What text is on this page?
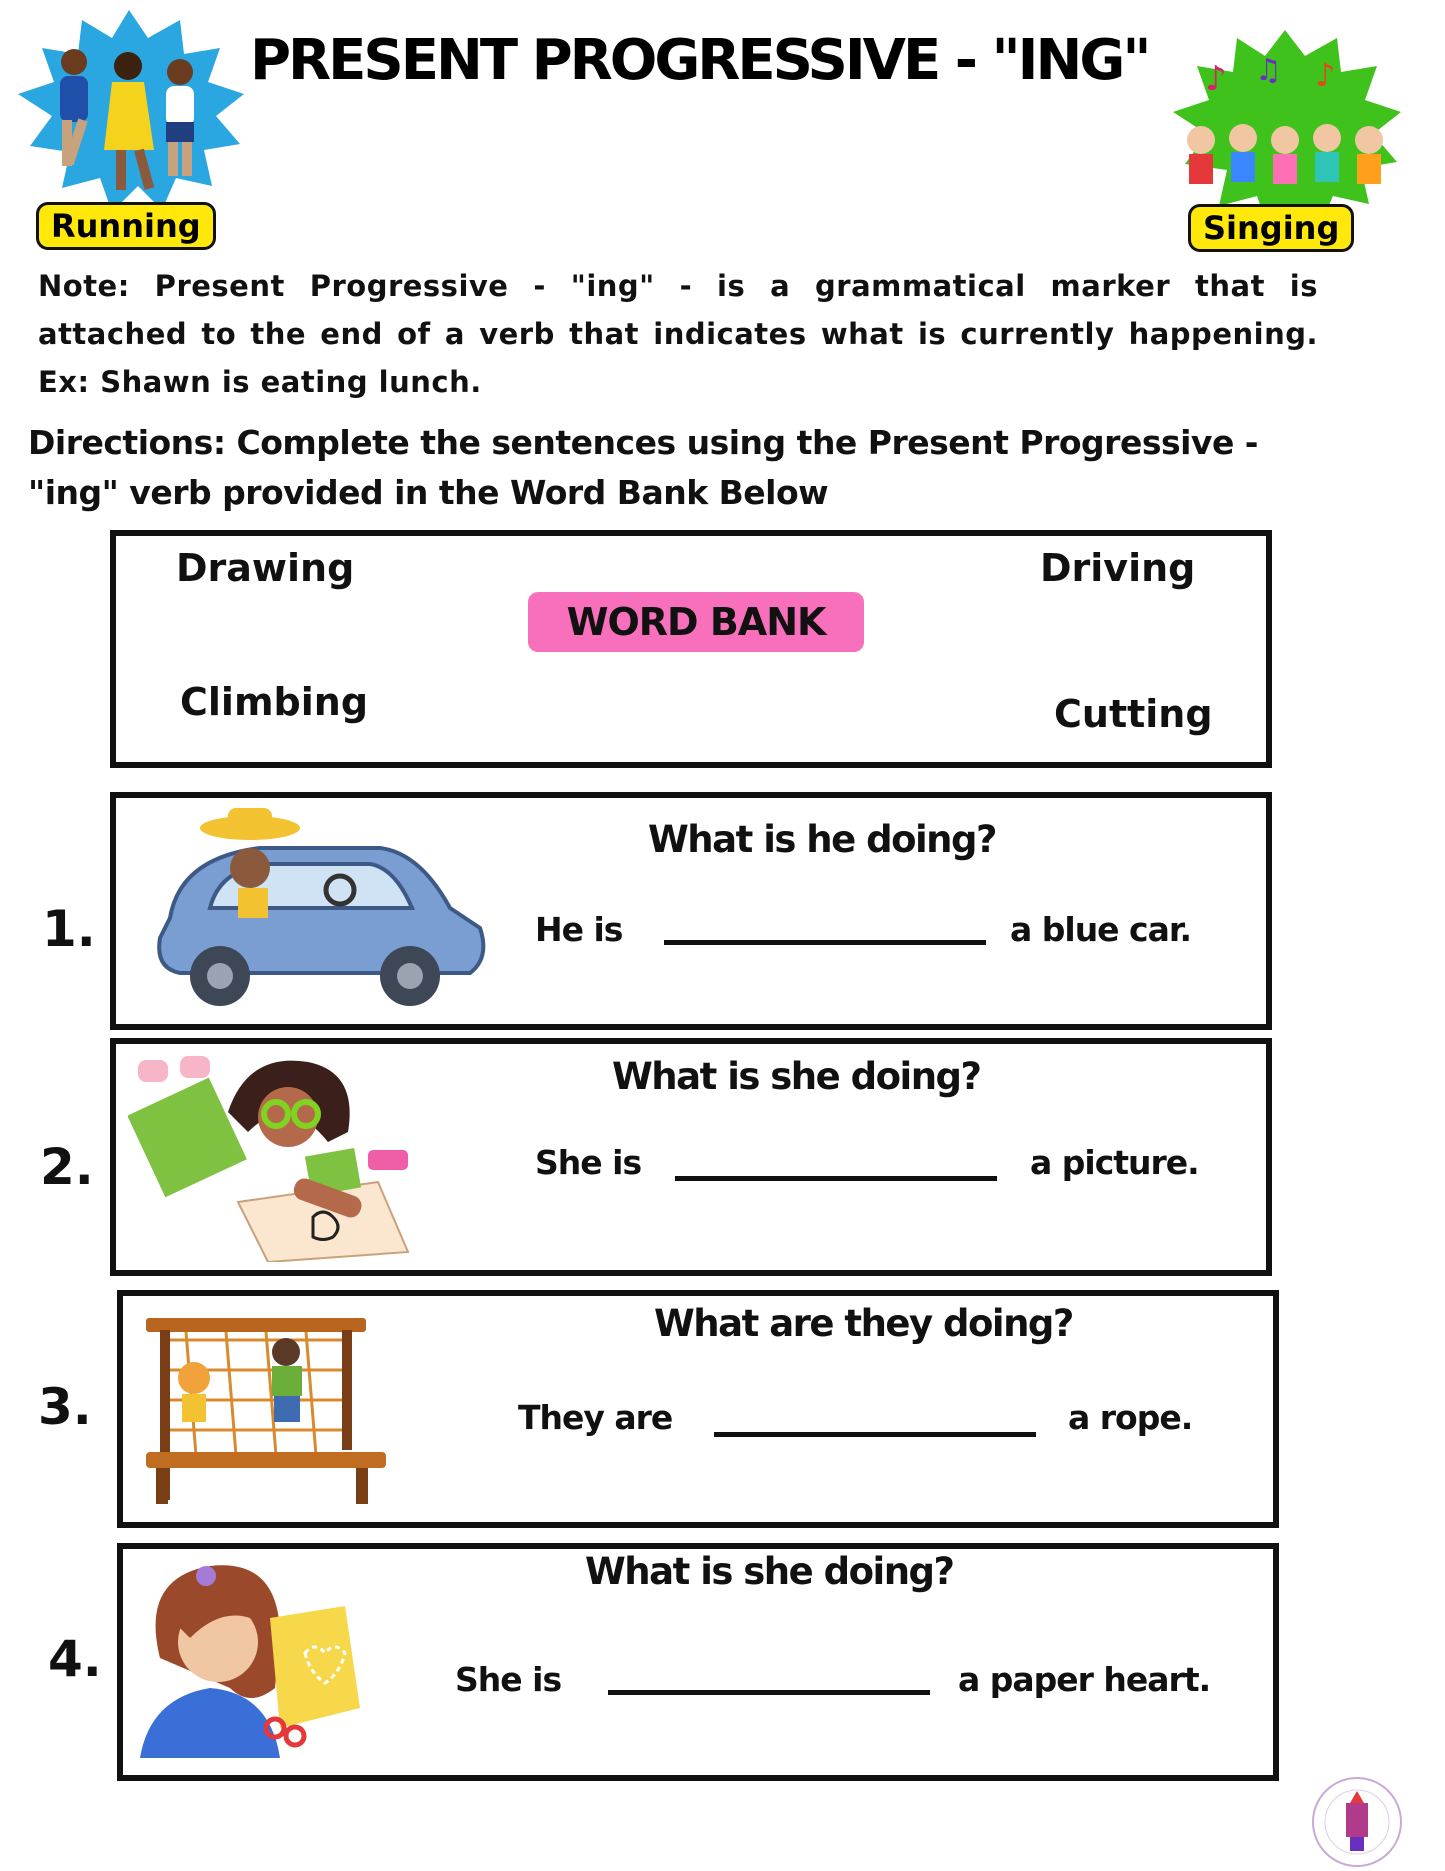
PRESENT PROGRESSIVE - "ING"
Running
♪ ♫ ♪
Singing
Note: Present Progressive - "ing" - is a grammatical marker that is attached to the end of a verb that indicates what is currently happening. Ex: Shawn is eating lunch.
Directions: Complete the sentences using the Present Progressive - "ing" verb provided in the Word Bank Below
Drawing	Driving
WORD BANK
Climbing	Cutting
1.
What is he doing?
He is	a blue car.
2.
What is she doing?
She is	a picture.
3.
What are they doing?
They are	a rope.
4.
What is she doing?
She is	a paper heart.
